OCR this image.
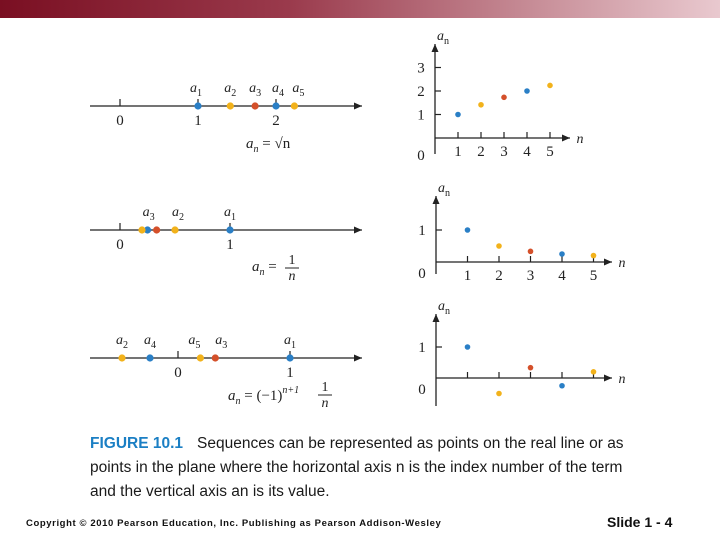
0	1	2
$a_1$ $a_2$ $a_3$ $a_4$ $a_5$
$a_n = √n$
0	1
$a_1$
$a_2$
$a_3$
$a_n = 1$
n
0	1
$a_1$
$a_2$	$a_3$
$a_4$ $a_5$
$a_n = (-1)^{n+1}$ 1
n
$a_n$
n
0 1 2 3 4 5
1
2
3
$a_n$
n
0	1 2 3 4 5
1
$a_n$
n
0
1
FIGURE 10.1 Sequences can be represented as points on the real line or as points in the plane where the horizontal axis n is the index number of the term and the vertical axis an is its value.
Copyright © 2010 Pearson Education, Inc. Publishing as Pearson Addison-Wesley	Slide 1 - 4
